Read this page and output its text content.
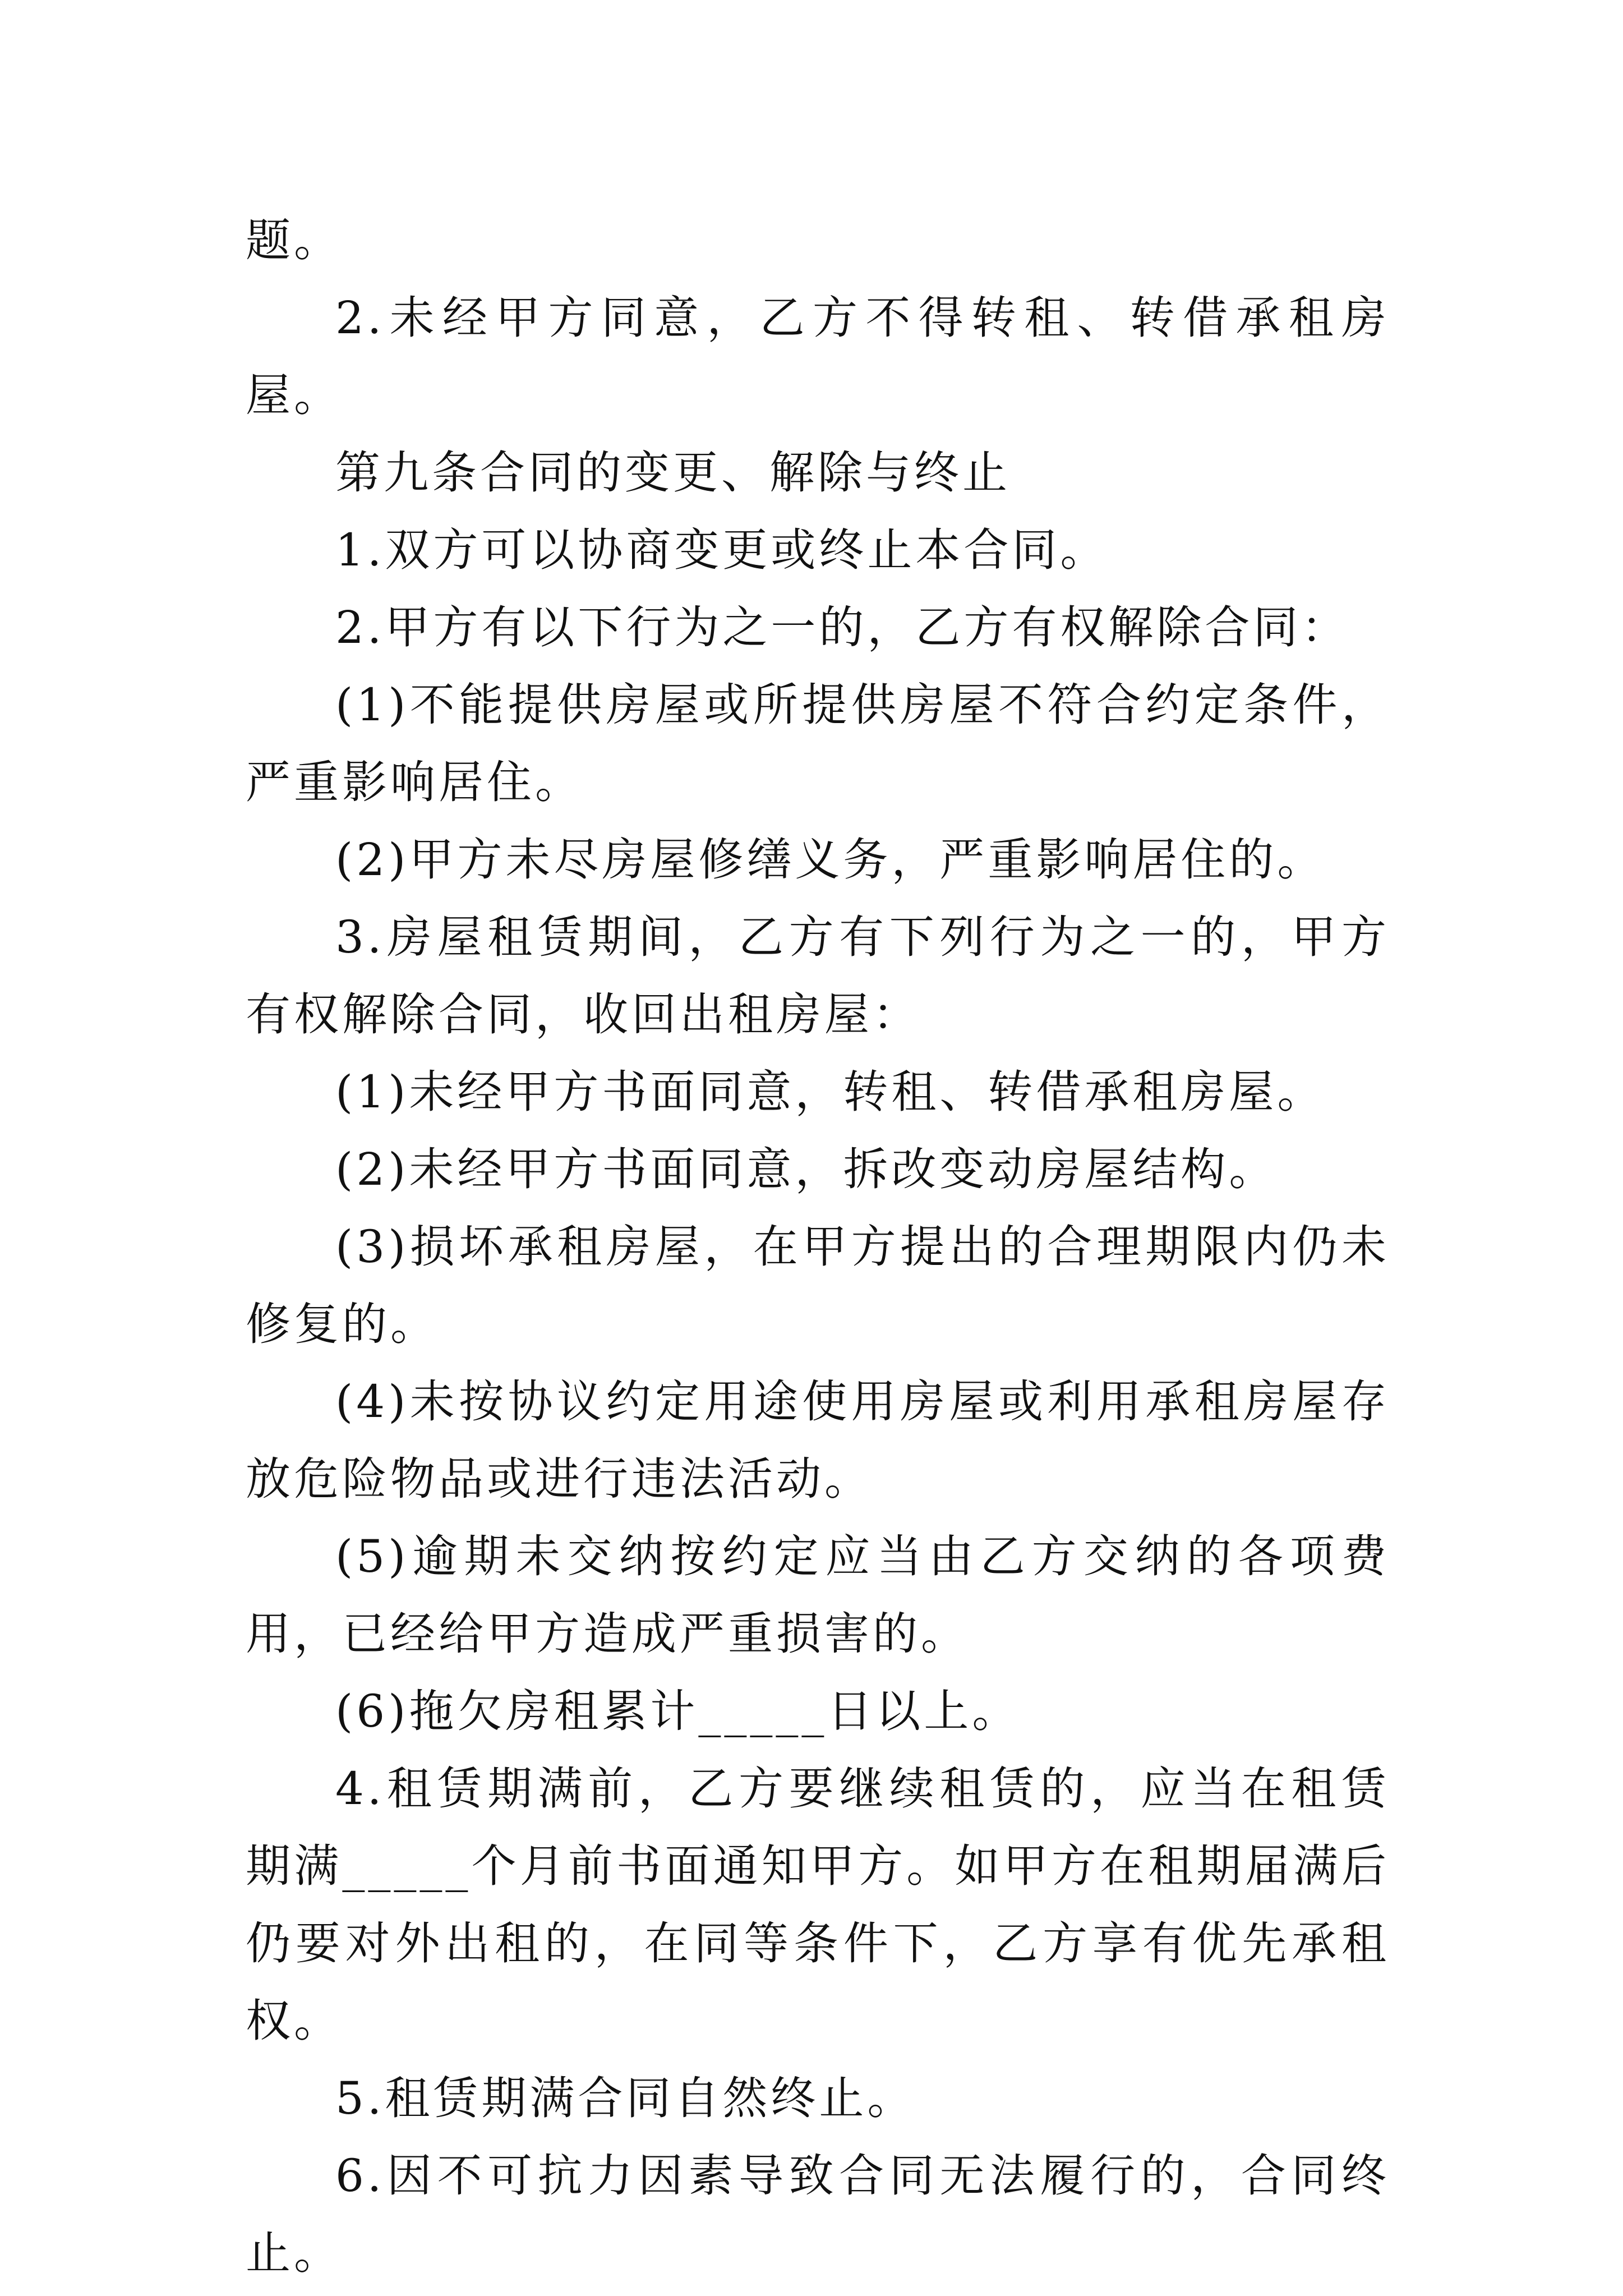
题。

2.未经甲方同意，乙方不得转租、转借承租房屋。

第九条合同的变更、解除与终止

1.双方可以协商变更或终止本合同。

2.甲方有以下行为之一的，乙方有权解除合同：

(1)不能提供房屋或所提供房屋不符合约定条件，严重影响居住。

(2)甲方未尽房屋修缮义务，严重影响居住的。

3.房屋租赁期间，乙方有下列行为之一的，甲方有权解除合同，收回出租房屋：

(1)未经甲方书面同意，转租、转借承租房屋。

(2)未经甲方书面同意，拆改变动房屋结构。

(3)损坏承租房屋，在甲方提出的合理期限内仍未修复的。

(4)未按协议约定用途使用房屋或利用承租房屋存放危险物品或进行违法活动。

(5)逾期未交纳按约定应当由乙方交纳的各项费用，已经给甲方造成严重损害的。

(6)拖欠房租累计_____日以上。

4.租赁期满前，乙方要继续租赁的，应当在租赁期满_____个月前书面通知甲方。如甲方在租期届满后仍要对外出租的，在同等条件下，乙方享有优先承租权。

5.租赁期满合同自然终止。

6.因不可抗力因素导致合同无法履行的，合同终止。
